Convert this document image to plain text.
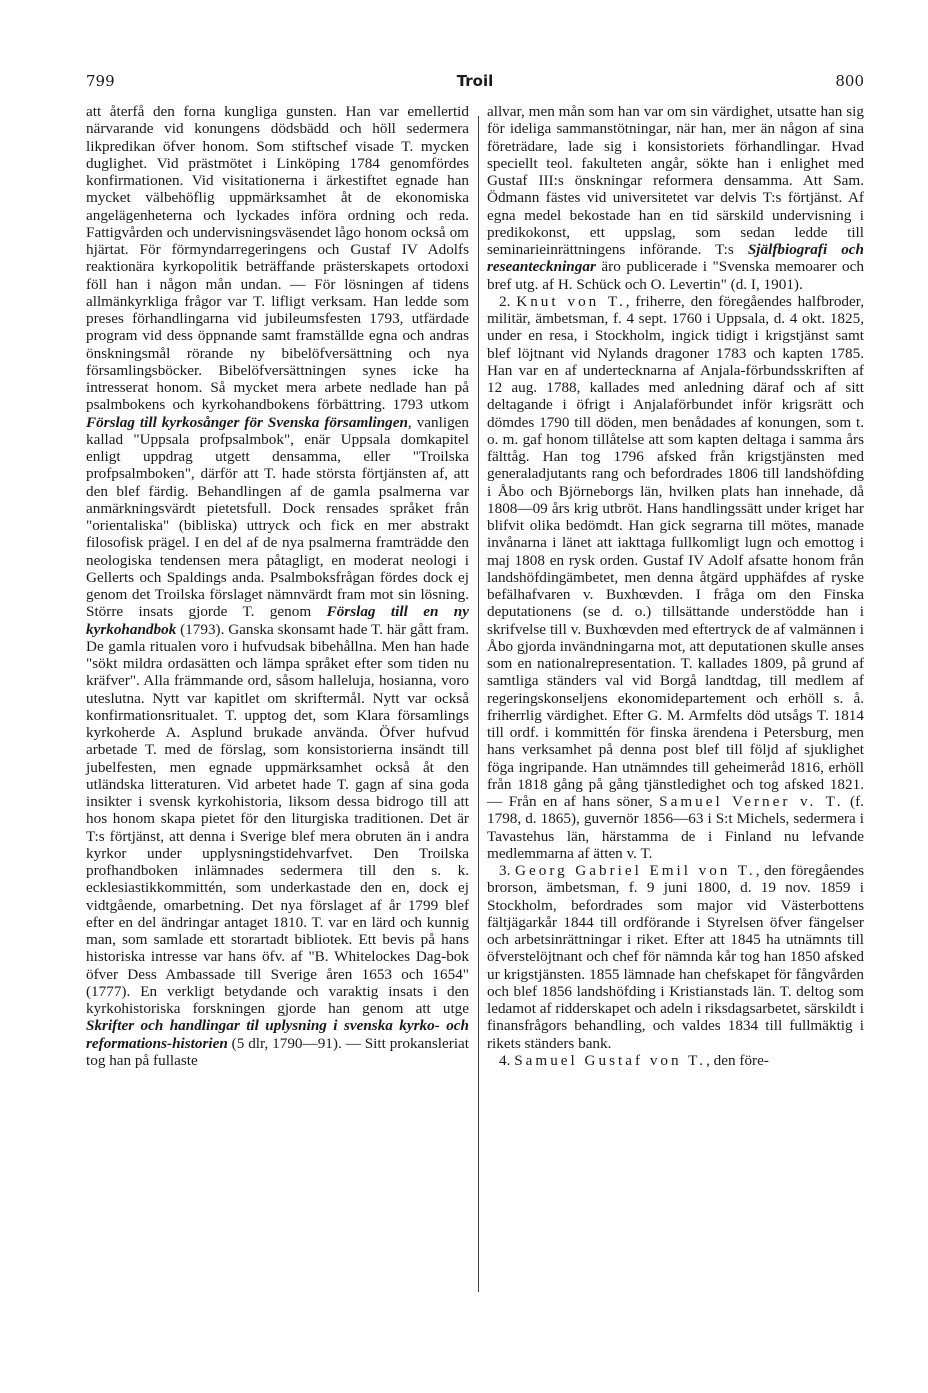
799	Troil	800

att återfå den forna kungliga gunsten. Han var emellertid närvarande vid konungens dödsbädd och höll sedermera likpredikan öfver honom. Som stiftschef visade T. mycken duglighet. Vid prästmötet i Linköping 1784 genomfördes konfirmationen. Vid visitationerna i ärkestiftet egnade han mycket välbehöflig uppmärksamhet åt de ekonomiska angelägenheterna och lyckades införa ordning och reda. Fattigvården och undervisningsväsendet lågo honom också om hjärtat. För förmyndarregeringens och Gustaf IV Adolfs reaktionära kyrkopolitik beträffande prästerskapets ortodoxi föll han i någon mån undan. — För lösningen af tidens allmänkyrkliga frågor var T. lifligt verksam. Han ledde som preses förhandlingarna vid jubileumsfesten 1793, utfärdade program vid dess öppnande samt framställde egna och andras önskningsmål rörande ny bibelöfversättning och nya församlingsböcker. Bibelöfversättningen synes icke ha intresserat honom. Så mycket mera arbete nedlade han på psalmbokens och kyrkohandbokens förbättring. 1793 utkom Förslag till kyrkosånger för Svenska församlingen, vanligen kallad "Uppsala profpsalmbok", enär Uppsala domkapitel enligt uppdrag utgett densamma, eller "Troilska profpsalmboken", därför att T. hade största förtjänsten af, att den blef färdig. Behandlingen af de gamla psalmerna var anmärkningsvärdt pietetsfull. Dock rensades språket från "orientaliska" (bibliska) uttryck och fick en mer abstrakt filosofisk prägel. I en del af de nya psalmerna framträdde den neologiska tendensen mera påtagligt, en moderat neologi i Gellerts och Spaldings anda. Psalmboksfrågan fördes dock ej genom det Troilska förslaget nämnvärdt fram mot sin lösning. Större insats gjorde T. genom Förslag till en ny kyrkohandbok (1793). Ganska skonsamt hade T. här gått fram. De gamla ritualen voro i hufvudsak bibehållna. Men han hade "sökt mildra ordasätten och lämpa språket efter som tiden nu kräfver". Alla främmande ord, såsom halleluja, hosianna, voro uteslutna. Nytt var kapitlet om skriftermål. Nytt var också konfirmationsritualet. T. upptog det, som Klara församlings kyrkoherde A. Asplund brukade använda. Öfver hufvud arbetade T. med de förslag, som konsistorierna insändt till jubelfesten, men egnade uppmärksamhet också åt den utländska litteraturen. Vid arbetet hade T. gagn af sina goda insikter i svensk kyrkohistoria, liksom dessa bidrogo till att hos honom skapa pietet för den liturgiska traditionen. Det är T:s förtjänst, att denna i Sverige blef mera obruten än i andra kyrkor under upplysningstidehvarfvet. Den Troilska profhandboken inlämnades sedermera till den s. k. ecklesiastikkommittén, som underkastade den en, dock ej vidtgående, omarbetning. Det nya förslaget af år 1799 blef efter en del ändringar antaget 1810. T. var en lärd och kunnig man, som samlade ett storartadt bibliotek. Ett bevis på hans historiska intresse var hans öfv. af "B. Whitelockes Dag-bok öfver Dess Ambassade till Sverige åren 1653 och 1654" (1777). En verkligt betydande och varaktig insats i den kyrkohistoriska forskningen gjorde han genom att utge Skrifter och handlingar til uplysning i svenska kyrko- och reformations-historien (5 dlr, 1790—91). — Sitt prokansleriat tog han på fullaste

allvar, men mån som han var om sin värdighet, utsatte han sig för ideliga sammanstötningar, när han, mer än någon af sina företrädare, lade sig i konsistoriets förhandlingar. Hvad speciellt teol. fakulteten angår, sökte han i enlighet med Gustaf III:s önskningar reformera densamma. Att Sam. Ödmann fästes vid universitetet var delvis T:s förtjänst. Af egna medel bekostade han en tid särskild undervisning i predikokonst, ett uppslag, som sedan ledde till seminarieinrättningens införande. T:s Själfbiografi och reseanteckningar äro publicerade i "Svenska memoarer och bref utg. af H. Schück och O. Levertin" (d. I, 1901).

2. Knut von T., friherre, den föregåendes halfbroder, militär, ämbetsman, f. 4 sept. 1760 i Uppsala, d. 4 okt. 1825, under en resa, i Stockholm, ingick tidigt i krigstjänst samt blef löjtnant vid Nylands dragoner 1783 och kapten 1785. Han var en af undertecknarna af Anjala-förbundsskriften af 12 aug. 1788, kallades med anledning däraf och af sitt deltagande i öfrigt i Anjalaförbundet inför krigsrätt och dömdes 1790 till döden, men benådades af konungen, som t. o. m. gaf honom tillåtelse att som kapten deltaga i samma års fälttåg. Han tog 1796 afsked från krigstjänsten med generaladjutants rang och befordrades 1806 till landshöfding i Åbo och Björneborgs län, hvilken plats han innehade, då 1808—09 års krig utbröt. Hans handlingssätt under kriget har blifvit olika bedömdt. Han gick segrarna till mötes, manade invånarna i länet att iakttaga fullkomligt lugn och emottog i maj 1808 en rysk orden. Gustaf IV Adolf afsatte honom från landshöfdingämbetet, men denna åtgärd upphäfdes af ryske befälhafvaren v. Buxhœvden. I fråga om den Finska deputationens (se d. o.) tillsättande understödde han i skrifvelse till v. Buxhœvden med eftertryck de af valmännen i Åbo gjorda invändningarna mot, att deputationen skulle anses som en nationalrepresentation. T. kallades 1809, på grund af samtliga ständers val vid Borgå landtdag, till medlem af regeringskonseljens ekonomidepartement och erhöll s. å. friherrlig värdighet. Efter G. M. Armfelts död utsågs T. 1814 till ordf. i kommittén för finska ärendena i Petersburg, men hans verksamhet på denna post blef till följd af sjuklighet föga ingripande. Han utnämndes till geheimeråd 1816, erhöll från 1818 gång på gång tjänstledighet och tog afsked 1821. — Från en af hans söner, Samuel Verner v. T. (f. 1798, d. 1865), guvernör 1856—63 i S:t Michels, sedermera i Tavastehus län, härstamma de i Finland nu lefvande medlemmarna af ätten v. T.

3. Georg Gabriel Emil von T., den föregåendes brorson, ämbetsman, f. 9 juni 1800, d. 19 nov. 1859 i Stockholm, befordrades som major vid Västerbottens fältjägarkår 1844 till ordförande i Styrelsen öfver fängelser och arbetsinrättningar i riket. Efter att 1845 ha utnämnts till öfverstelöjtnant och chef för nämnda kår tog han 1850 afsked ur krigstjänsten. 1855 lämnade han chefskapet för fångvården och blef 1856 landshöfding i Kristianstads län. T. deltog som ledamot af ridderskapet och adeln i riksdagsarbetet, särskildt i finansfrågors behandling, och valdes 1834 till fullmäktig i rikets ständers bank.

4. Samuel Gustaf von T., den före-
